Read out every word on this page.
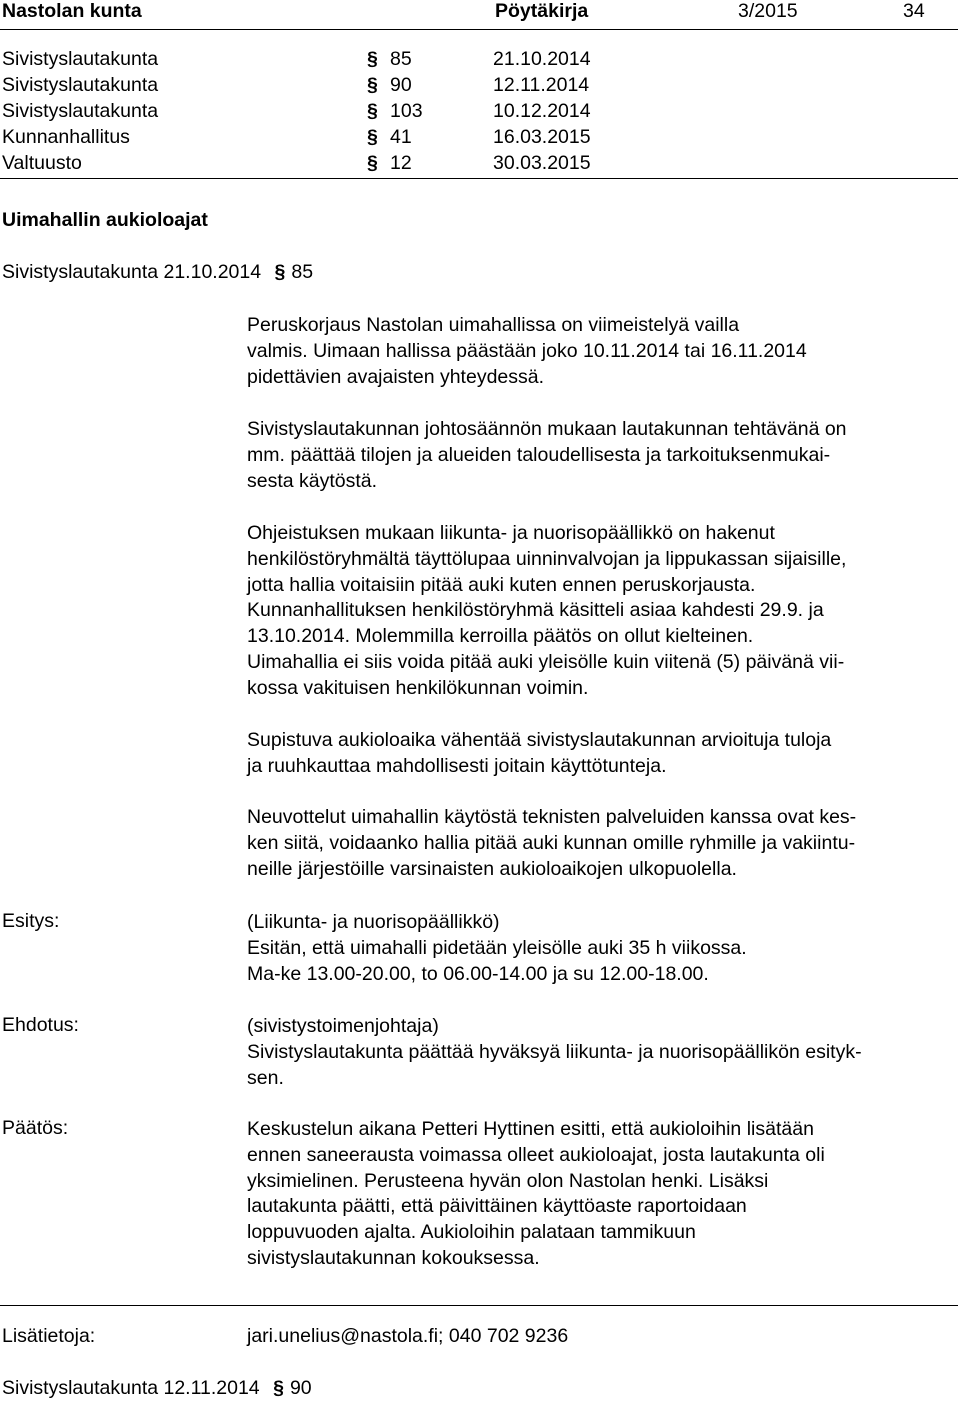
Nastolan kunta	Pöytäkirja	3/2015	34
Sivistyslautakunta	§ 85	21.10.2014
Sivistyslautakunta	§ 90	12.11.2014
Sivistyslautakunta	§ 103	10.12.2014
Kunnanhallitus	§ 41	16.03.2015
Valtuusto	§ 12	30.03.2015
Uimahallin aukioloajat
Sivistyslautakunta 21.10.2014 § 85
Peruskorjaus Nastolan uimahallissa on viimeistelyä vailla
valmis. Uimaan hallissa päästään joko 10.11.2014 tai 16.11.2014
pidettävien avajaisten yhteydessä.
Sivistyslautakunnan johtosäännön mukaan lautakunnan tehtävänä on
mm. päättää tilojen ja alueiden taloudellisesta ja tarkoituksenmukai-
sesta käytöstä.
Ohjeistuksen mukaan liikunta- ja nuorisopäällikkö on hakenut
henkilöstöryhmältä täyttölupaa uinninvalvojan ja lippukassan sijaisille,
jotta hallia voitaisiin pitää auki kuten ennen peruskorjausta.
Kunnanhallituksen henkilöstöryhmä käsitteli asiaa kahdesti 29.9. ja
13.10.2014. Molemmilla kerroilla päätös on ollut kielteinen.
Uimahallia ei siis voida pitää auki yleisölle kuin viitenä (5) päivänä vii-
kossa vakituisen henkilökunnan voimin.
Supistuva aukioloaika vähentää sivistyslautakunnan arvioituja tuloja
ja ruuhkauttaa mahdollisesti joitain käyttötunteja.
Neuvottelut uimahallin käytöstä teknisten palveluiden kanssa ovat kes-
ken siitä, voidaanko hallia pitää auki kunnan omille ryhmille ja vakiintu-
neille järjestöille varsinaisten aukioloaikojen ulkopuolella.
Esitys:	(Liikunta- ja nuorisopäällikkö)
Esitän, että uimahalli pidetään yleisölle auki 35 h viikossa.
Ma-ke 13.00-20.00, to 06.00-14.00 ja su 12.00-18.00.
Ehdotus:	(sivistystoimenjohtaja)
Sivistyslautakunta päättää hyväksyä liikunta- ja nuorisopäällikön esityk-
sen.
Päätös:	Keskustelun aikana Petteri Hyttinen esitti, että aukioloihin lisätään
ennen saneerausta voimassa olleet aukioloajat, josta lautakunta oli
yksimielinen. Perusteena hyvän olon Nastolan henki. Lisäksi
lautakunta päätti, että päivittäinen käyttöaste raportoidaan
loppuvuoden ajalta. Aukioloihin palataan tammikuun
sivistyslautakunnan kokouksessa.
Lisätietoja:	jari.unelius@nastola.fi; 040 702 9236
Sivistyslautakunta 12.11.2014 § 90
